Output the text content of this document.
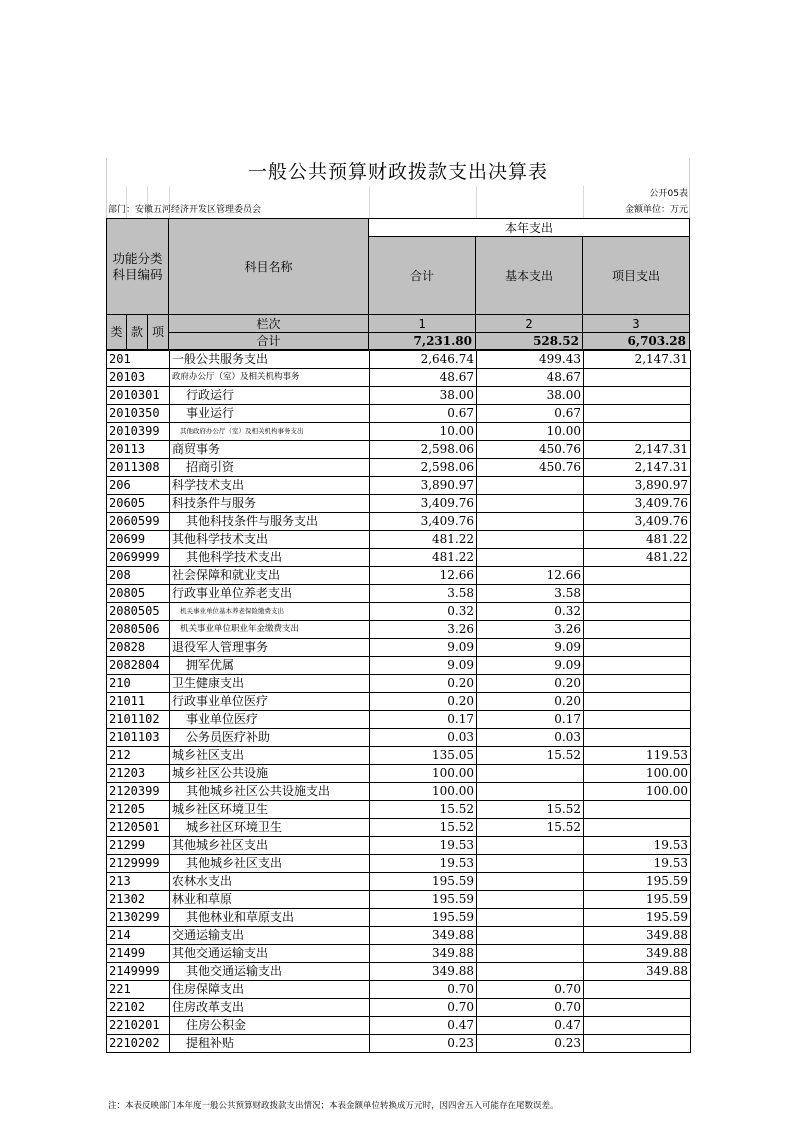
一般公共预算财政拨款支出决算表
公开05表
部门：安徽五河经济开发区管理委员会	金额单位：万元
功能分类科目编码	科目名称
本年支出
合计	基本支出	项目支出
类 款 项
栏次	1	2	3
合计	7,231.80	528.52	6,703.28
201	一般公共服务支出	2,646.74	499.43	2,147.31
20103	政府办公厅（室）及相关机构事务	48.67	48.67	
2010301	行政运行	38.00	38.00	
2010350	事业运行	0.67	0.67	
2010399	其他政府办公厅（室）及相关机构事务支出	10.00	10.00	
20113	商贸事务	2,598.06	450.76	2,147.31
2011308	招商引资	2,598.06	450.76	2,147.31
206	科学技术支出	3,890.97		3,890.97
20605	科技条件与服务	3,409.76		3,409.76
2060599	其他科技条件与服务支出	3,409.76		3,409.76
20699	其他科学技术支出	481.22		481.22
2069999	其他科学技术支出	481.22		481.22
208	社会保障和就业支出	12.66	12.66	
20805	行政事业单位养老支出	3.58	3.58	
2080505	机关事业单位基本养老保险缴费支出	0.32	0.32	
2080506	机关事业单位职业年金缴费支出	3.26	3.26	
20828	退役军人管理事务	9.09	9.09	
2082804	拥军优属	9.09	9.09	
210	卫生健康支出	0.20	0.20	
21011	行政事业单位医疗	0.20	0.20	
2101102	事业单位医疗	0.17	0.17	
2101103	公务员医疗补助	0.03	0.03	
212	城乡社区支出	135.05	15.52	119.53
21203	城乡社区公共设施	100.00		100.00
2120399	其他城乡社区公共设施支出	100.00		100.00
21205	城乡社区环境卫生	15.52	15.52	
2120501	城乡社区环境卫生	15.52	15.52	
21299	其他城乡社区支出	19.53		19.53
2129999	其他城乡社区支出	19.53		19.53
213	农林水支出	195.59		195.59
21302	林业和草原	195.59		195.59
2130299	其他林业和草原支出	195.59		195.59
214	交通运输支出	349.88		349.88
21499	其他交通运输支出	349.88		349.88
2149999	其他交通运输支出	349.88		349.88
221	住房保障支出	0.70	0.70	
22102	住房改革支出	0.70	0.70	
2210201	住房公积金	0.47	0.47	
2210202	提租补贴	0.23	0.23	
注：本表反映部门本年度一般公共预算财政拨款支出情况；本表金额单位转换成万元时，因四舍五入可能存在尾数误差。
